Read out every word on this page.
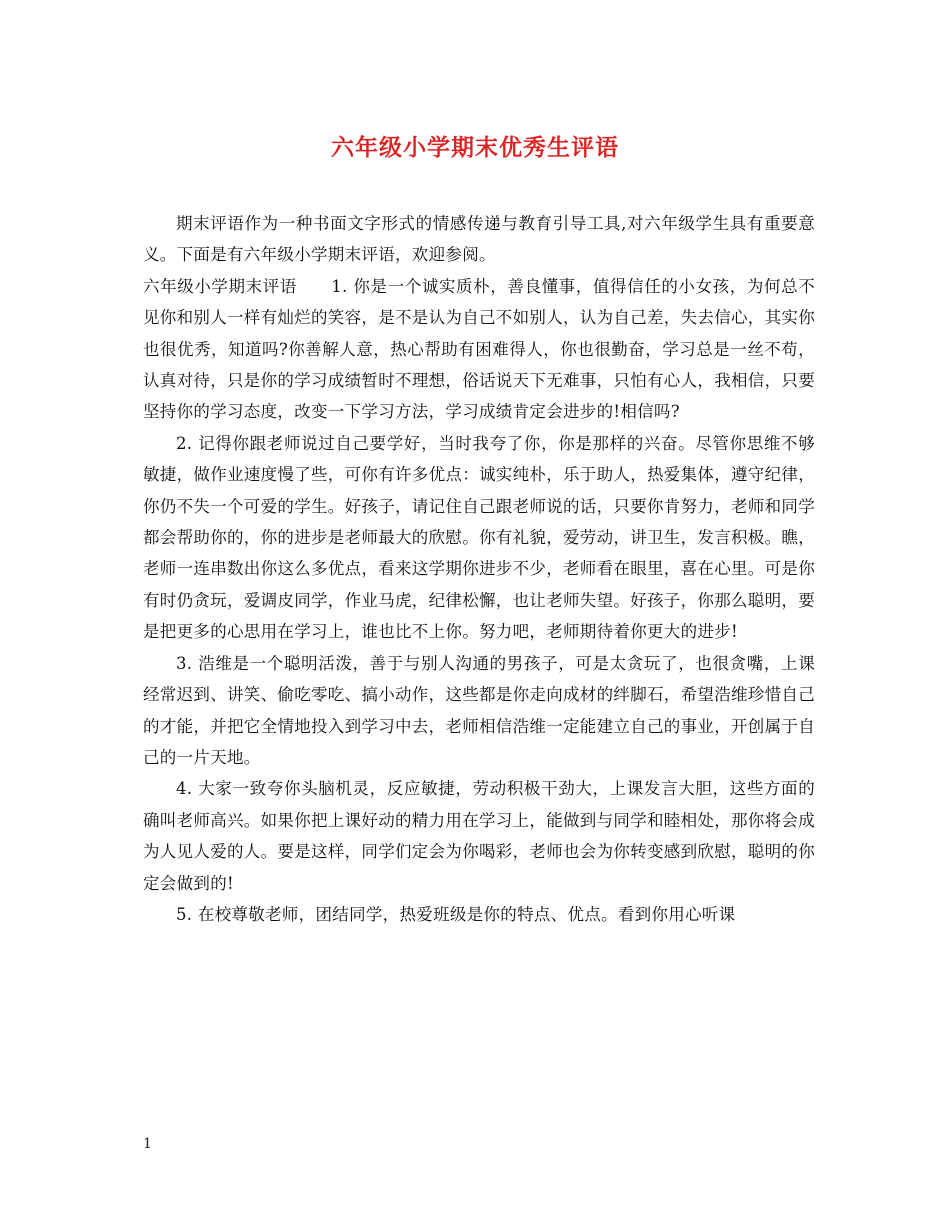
六年级小学期末优秀生评语

期末评语作为一种书面文字形式的情感传递与教育引导工具,对六年级学生具有重要意义。下面是有六年级小学期末评语，欢迎参阅。

六年级小学期末评语　　1. 你是一个诚实质朴，善良懂事，值得信任的小女孩，为何总不见你和别人一样有灿烂的笑容，是不是认为自己不如别人，认为自己差，失去信心，其实你也很优秀，知道吗?你善解人意，热心帮助有困难得人，你也很勤奋，学习总是一丝不苟，认真对待，只是你的学习成绩暂时不理想，俗话说天下无难事，只怕有心人，我相信，只要坚持你的学习态度，改变一下学习方法，学习成绩肯定会进步的!相信吗?

2. 记得你跟老师说过自己要学好，当时我夸了你，你是那样的兴奋。尽管你思维不够敏捷，做作业速度慢了些，可你有许多优点：诚实纯朴，乐于助人，热爱集体，遵守纪律，你仍不失一个可爱的学生。好孩子，请记住自己跟老师说的话，只要你肯努力，老师和同学都会帮助你的，你的进步是老师最大的欣慰。你有礼貌，爱劳动，讲卫生，发言积极。瞧，老师一连串数出你这么多优点，看来这学期你进步不少，老师看在眼里，喜在心里。可是你有时仍贪玩，爱调皮同学，作业马虎，纪律松懈，也让老师失望。好孩子，你那么聪明，要是把更多的心思用在学习上，谁也比不上你。努力吧，老师期待着你更大的进步!

3. 浩维是一个聪明活泼，善于与别人沟通的男孩子，可是太贪玩了，也很贪嘴，上课经常迟到、讲笑、偷吃零吃、搞小动作，这些都是你走向成材的绊脚石，希望浩维珍惜自己的才能，并把它全情地投入到学习中去，老师相信浩维一定能建立自己的事业，开创属于自己的一片天地。

4. 大家一致夸你头脑机灵，反应敏捷，劳动积极干劲大，上课发言大胆，这些方面的确叫老师高兴。如果你把上课好动的精力用在学习上，能做到与同学和睦相处，那你将会成为人见人爱的人。要是这样，同学们定会为你喝彩，老师也会为你转变感到欣慰，聪明的你定会做到的!

5. 在校尊敬老师，团结同学，热爱班级是你的特点、优点。看到你用心听课

1
